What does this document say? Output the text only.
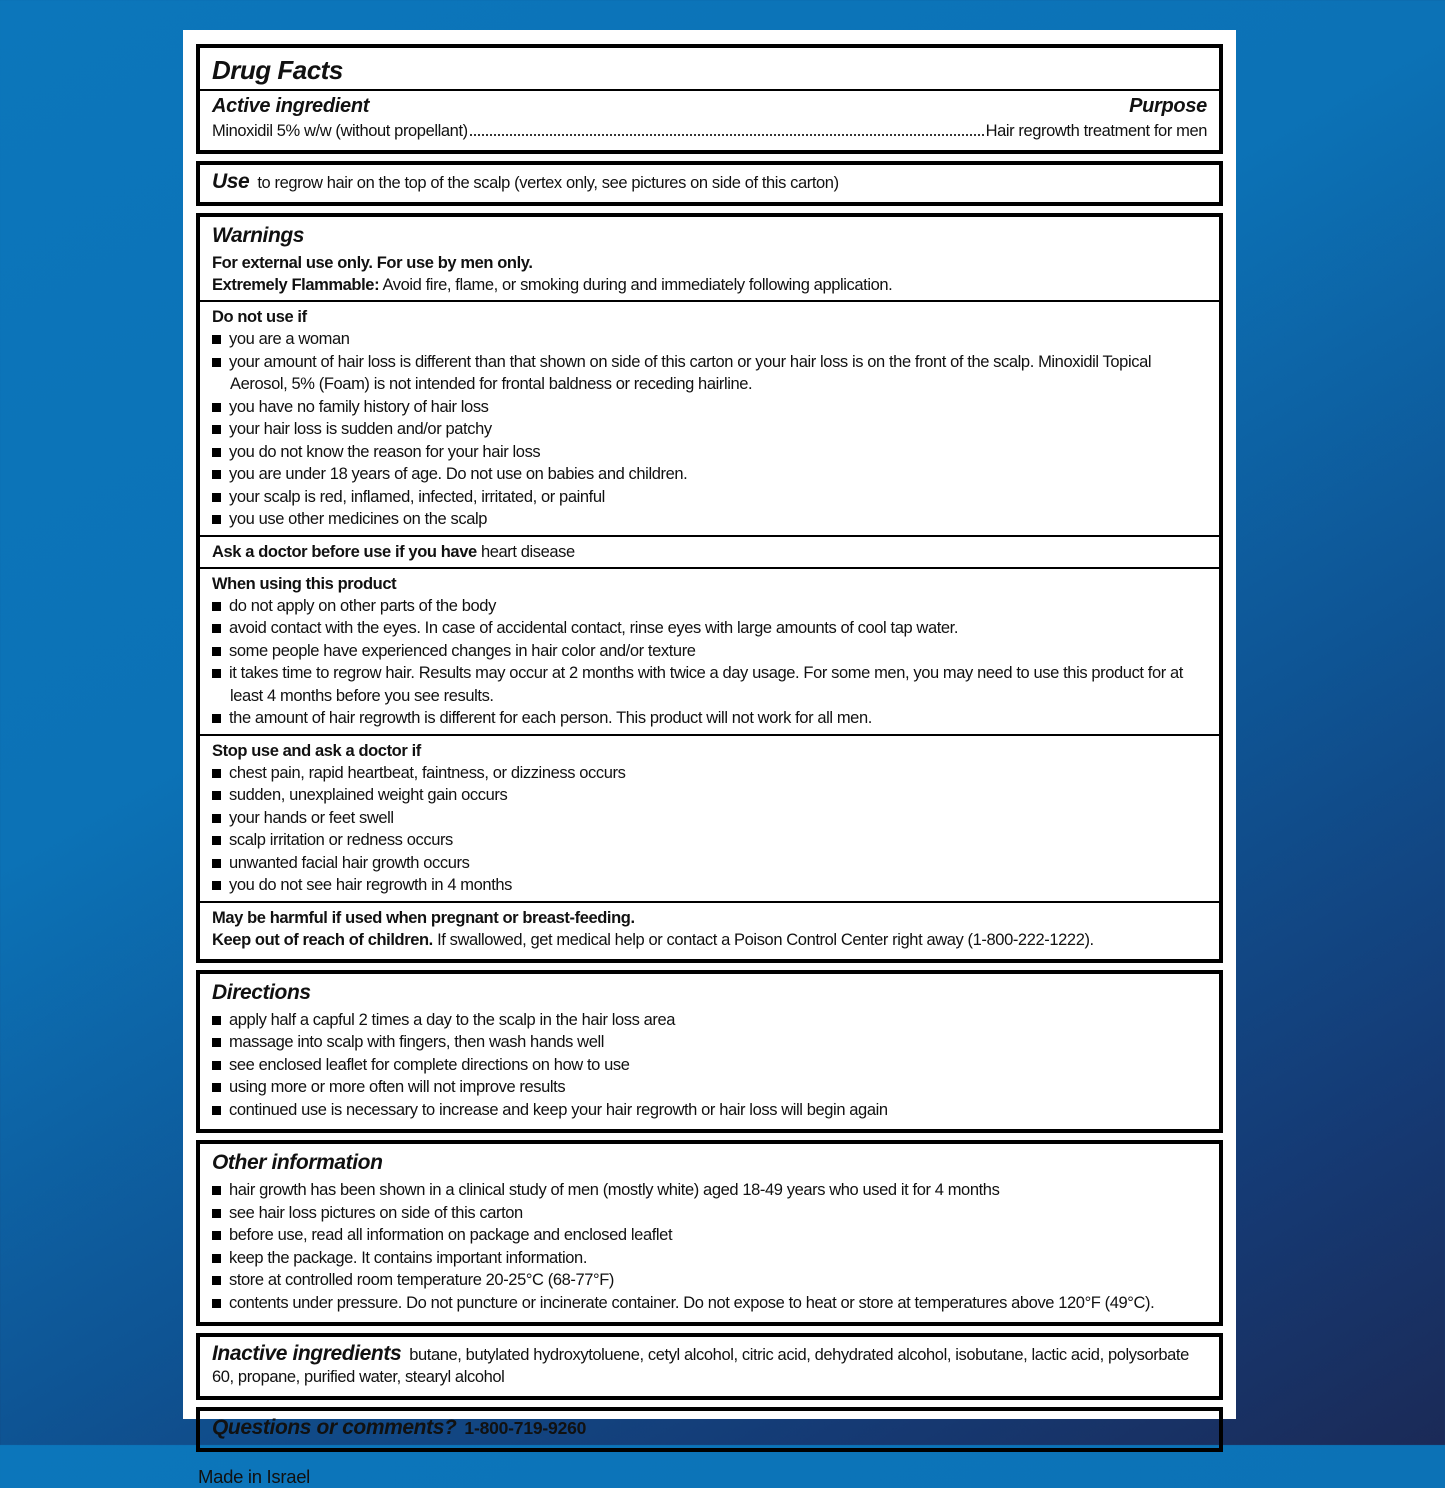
Drug Facts
Active ingredient	Purpose
Minoxidil 5% w/w (without propellant)	Hair regrowth treatment for men
Use to regrow hair on the top of the scalp (vertex only, see pictures on side of this carton)
Warnings

For external use only. For use by men only.

Extremely Flammable: Avoid fire, flame, or smoking during and immediately following application.

Do not use if

you are a woman
your amount of hair loss is different than that shown on side of this carton or your hair loss is on the front of the scalp. Minoxidil Topical Aerosol, 5% (Foam) is not intended for frontal baldness or receding hairline.
you have no family history of hair loss
your hair loss is sudden and/or patchy
you do not know the reason for your hair loss
you are under 18 years of age. Do not use on babies and children.
your scalp is red, inflamed, infected, irritated, or painful
you use other medicines on the scalp

Ask a doctor before use if you have heart disease

When using this product

do not apply on other parts of the body
avoid contact with the eyes. In case of accidental contact, rinse eyes with large amounts of cool tap water.
some people have experienced changes in hair color and/or texture
it takes time to regrow hair. Results may occur at 2 months with twice a day usage. For some men, you may need to use this product for at least 4 months before you see results.
the amount of hair regrowth is different for each person. This product will not work for all men.

Stop use and ask a doctor if

chest pain, rapid heartbeat, faintness, or dizziness occurs
sudden, unexplained weight gain occurs
your hands or feet swell
scalp irritation or redness occurs
unwanted facial hair growth occurs
you do not see hair regrowth in 4 months

May be harmful if used when pregnant or breast-feeding.

Keep out of reach of children. If swallowed, get medical help or contact a Poison Control Center right away (1-800-222-1222).

Directions
apply half a capful 2 times a day to the scalp in the hair loss area
massage into scalp with fingers, then wash hands well
see enclosed leaflet for complete directions on how to use
using more or more often will not improve results
continued use is necessary to increase and keep your hair regrowth or hair loss will begin again
Other information
hair growth has been shown in a clinical study of men (mostly white) aged 18-49 years who used it for 4 months
see hair loss pictures on side of this carton
before use, read all information on package and enclosed leaflet
keep the package. It contains important information.
store at controlled room temperature 20-25°C (68-77°F)
contents under pressure. Do not puncture or incinerate container. Do not expose to heat or store at temperatures above 120°F (49°C).
Inactive ingredients butane, butylated hydroxytoluene, cetyl alcohol, citric acid, dehydrated alcohol, isobutane, lactic acid, polysorbate 60, propane, purified water, stearyl alcohol
Questions or comments? 1-800-719-9260
Made in Israel
